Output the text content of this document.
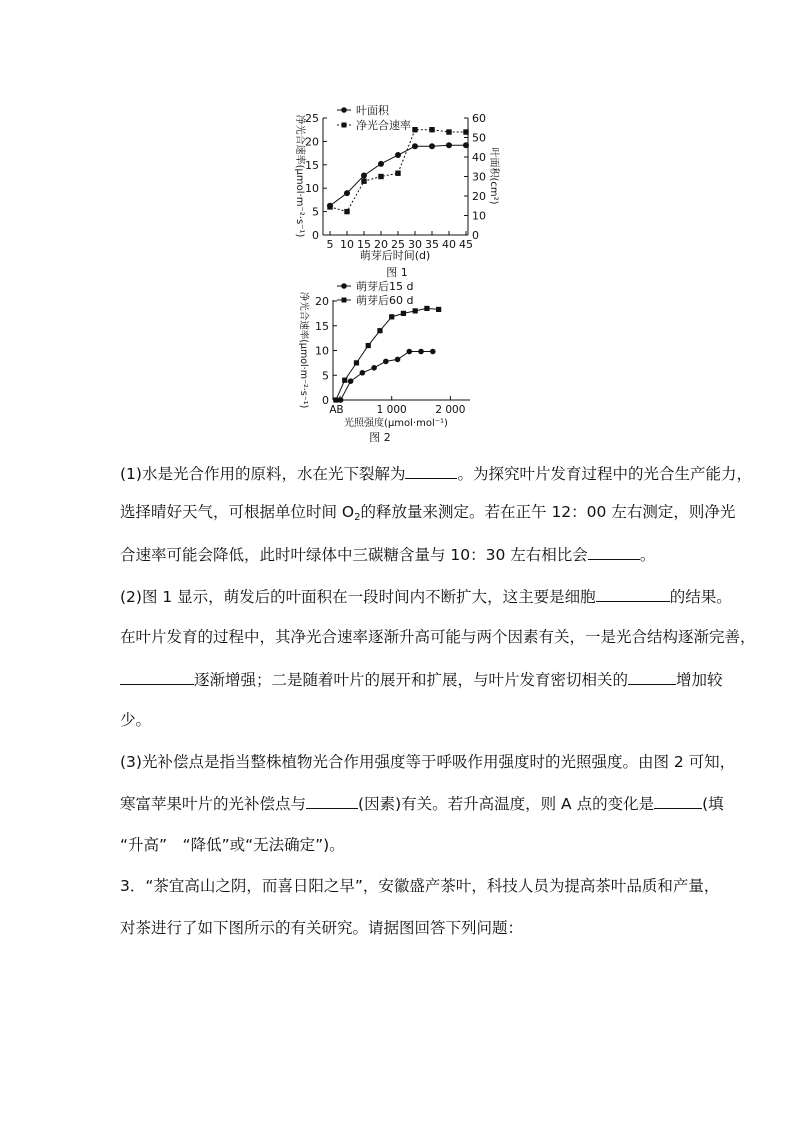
0
5
10
15
20
25
0
10
20
30
40
50
60
5 10 15 20 25 30 35 40 45
叶面积
净光合速率
萌芽后时间(d)
净光合速率(μmol·m⁻²·s⁻¹)	叶面积(cm²)
图 1
0
5
10
15
20
A B	1 000	2 000
萌芽后15 d
萌芽后60 d
光照强度(μmol·mol⁻¹)
净光合速率(μmol·m⁻²·s⁻¹)
图 2

(1)水是光合作用的原料，水在光下裂解为	。为探究叶片发育过程中的光合生产能力，

选择晴好天气，可根据单位时间 $O_2$的释放量来测定。若在正午 12：00 左右测定，则净光

合速率可能会降低，此时叶绿体中三碳糖含量与 10：30 左右相比会	。

(2)图 1 显示，萌发后的叶面积在一段时间内不断扩大，这主要是细胞	的结果。

在叶片发育的过程中，其净光合速率逐渐升高可能与两个因素有关，一是光合结构逐渐完善，

逐渐增强；二是随着叶片的展开和扩展，与叶片发育密切相关的	增加较

少。

(3)光补偿点是指当整株植物光合作用强度等于呼吸作用强度时的光照强度。由图 2 可知，

寒富苹果叶片的光补偿点与	(因素)有关。若升高温度，则 A 点的变化是	(填

“升高”　“降低”或“无法确定”)。

3．“茶宜高山之阴，而喜日阳之早”，安徽盛产茶叶，科技人员为提高茶叶品质和产量，

对茶进行了如下图所示的有关研究。请据图回答下列问题：
